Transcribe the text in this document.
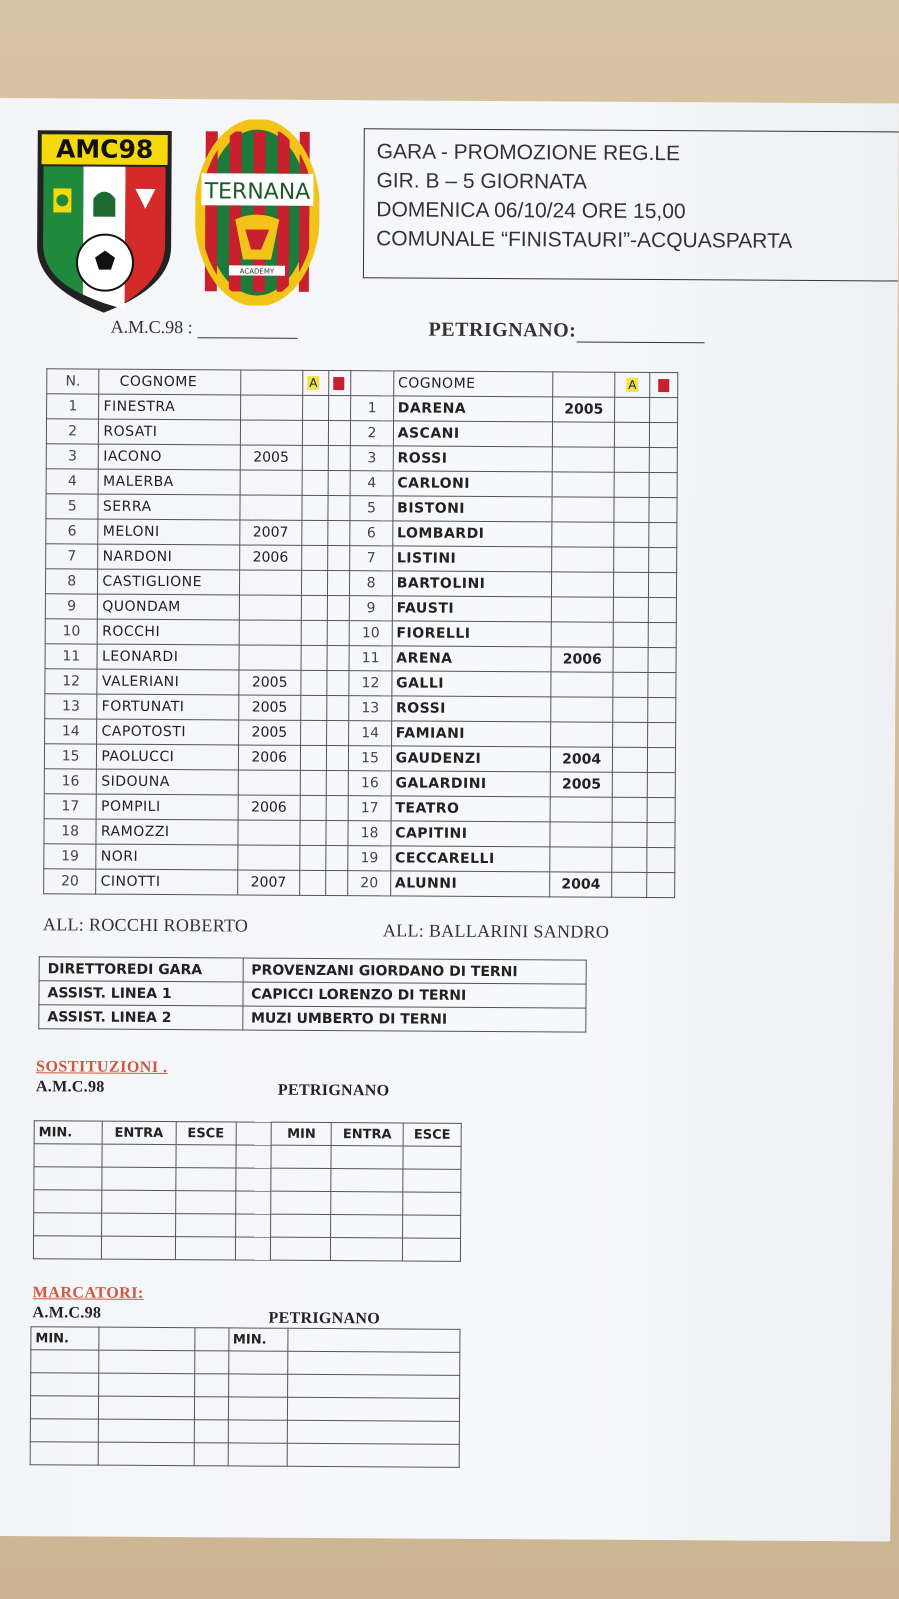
AMC98
TERNANA
ACADEMY
GARA - PROMOZIONE REG.LE
GIR. B – 5 GIORNATA
DOMENICA 06/10/24 ORE 15,00
COMUNALE “FINISTAURI”-ACQUASPARTA
A.M.C.98 :	PETRIGNANO:
N.	COGNOME		A	E		COGNOME		A	E
1	FINESTRA				1	DARENA	2005		
2	ROSATI				2	ASCANI			
3	IACONO	2005			3	ROSSI			
4	MALERBA				4	CARLONI			
5	SERRA				5	BISTONI			
6	MELONI	2007			6	LOMBARDI			
7	NARDONI	2006			7	LISTINI			
8	CASTIGLIONE				8	BARTOLINI			
9	QUONDAM				9	FAUSTI			
10	ROCCHI				10	FIORELLI			
11	LEONARDI				11	ARENA	2006		
12	VALERIANI	2005			12	GALLI			
13	FORTUNATI	2005			13	ROSSI			
14	CAPOTOSTI	2005			14	FAMIANI			
15	PAOLUCCI	2006			15	GAUDENZI	2004		
16	SIDOUNA				16	GALARDINI	2005		
17	POMPILI	2006			17	TEATRO			
18	RAMOZZI				18	CAPITINI			
19	NORI				19	CECCARELLI			
20	CINOTTI	2007			20	ALUNNI	2004		
ALL: ROCCHI ROBERTO	ALL: BALLARINI SANDRO
DIRETTOREDI GARA	PROVENZANI GIORDANO DI TERNI
ASSIST. LINEA 1	CAPICCI LORENZO DI TERNI
ASSIST. LINEA 2	MUZI UMBERTO DI TERNI
SOSTITUZIONI .
A.M.C.98	PETRIGNANO
MIN.	ENTRA	ESCE		MIN	ENTRA	ESCE

MARCATORI:
A.M.C.98	PETRIGNANO
MIN.			MIN.	
